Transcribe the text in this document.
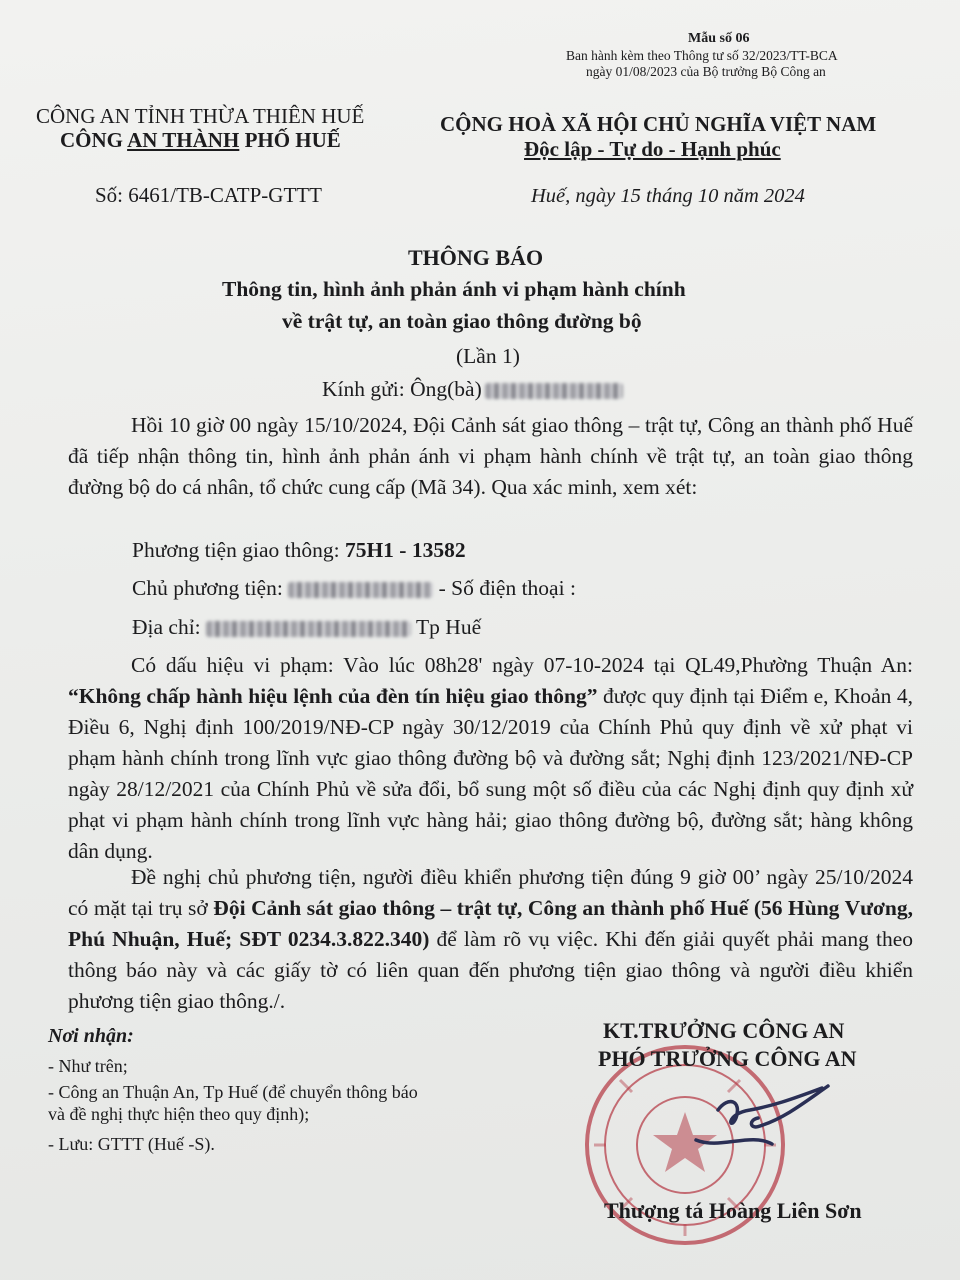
Mẫu số 06
Ban hành kèm theo Thông tư số 32/2023/TT-BCA
ngày 01/08/2023 của Bộ trưởng Bộ Công an
CÔNG AN TỈNH THỪA THIÊN HUẾ
CÔNG AN THÀNH PHỐ HUẾ
Số: 6461/TB-CATP-GTTT
CỘNG HOÀ XÃ HỘI CHỦ NGHĨA VIỆT NAM
Độc lập - Tự do - Hạnh phúc
Huế, ngày 15 tháng 10 năm 2024
THÔNG BÁO
Thông tin, hình ảnh phản ánh vi phạm hành chính
về trật tự, an toàn giao thông đường bộ
(Lần 1)
Kính gửi: Ông(bà)
Hồi 10 giờ 00 ngày 15/10/2024, Đội Cảnh sát giao thông – trật tự, Công an thành phố Huế đã tiếp nhận thông tin, hình ảnh phản ánh vi phạm hành chính về trật tự, an toàn giao thông đường bộ do cá nhân, tổ chức cung cấp (Mã 34). Qua xác minh, xem xét:
Phương tiện giao thông: 75H1 - 13582
Chủ phương tiện:	- Số điện thoại :
Địa chỉ:	Tp Huế
Có dấu hiệu vi phạm: Vào lúc 08h28' ngày 07-10-2024 tại QL49,Phường Thuận An: “Không chấp hành hiệu lệnh của đèn tín hiệu giao thông” được quy định tại Điểm e, Khoản 4, Điều 6, Nghị định 100/2019/NĐ-CP ngày 30/12/2019 của Chính Phủ quy định về xử phạt vi phạm hành chính trong lĩnh vực giao thông đường bộ và đường sắt; Nghị định 123/2021/NĐ-CP ngày 28/12/2021 của Chính Phủ về sửa đổi, bổ sung một số điều của các Nghị định quy định xử phạt vi phạm hành chính trong lĩnh vực hàng hải; giao thông đường bộ, đường sắt; hàng không dân dụng.
Đề nghị chủ phương tiện, người điều khiển phương tiện đúng 9 giờ 00’ ngày 25/10/2024 có mặt tại trụ sở Đội Cảnh sát giao thông – trật tự, Công an thành phố Huế (56 Hùng Vương, Phú Nhuận, Huế; SĐT 0234.3.822.340) để làm rõ vụ việc. Khi đến giải quyết phải mang theo thông báo này và các giấy tờ có liên quan đến phương tiện giao thông và người điều khiển phương tiện giao thông./.
Nơi nhận:
- Như trên;
- Công an Thuận An, Tp Huế (để chuyển thông báo
và đề nghị thực hiện theo quy định);
- Lưu: GTTT (Huế -S).
KT.TRƯỞNG CÔNG AN
PHÓ TRƯỞNG CÔNG AN
Thượng tá Hoàng Liên Sơn
